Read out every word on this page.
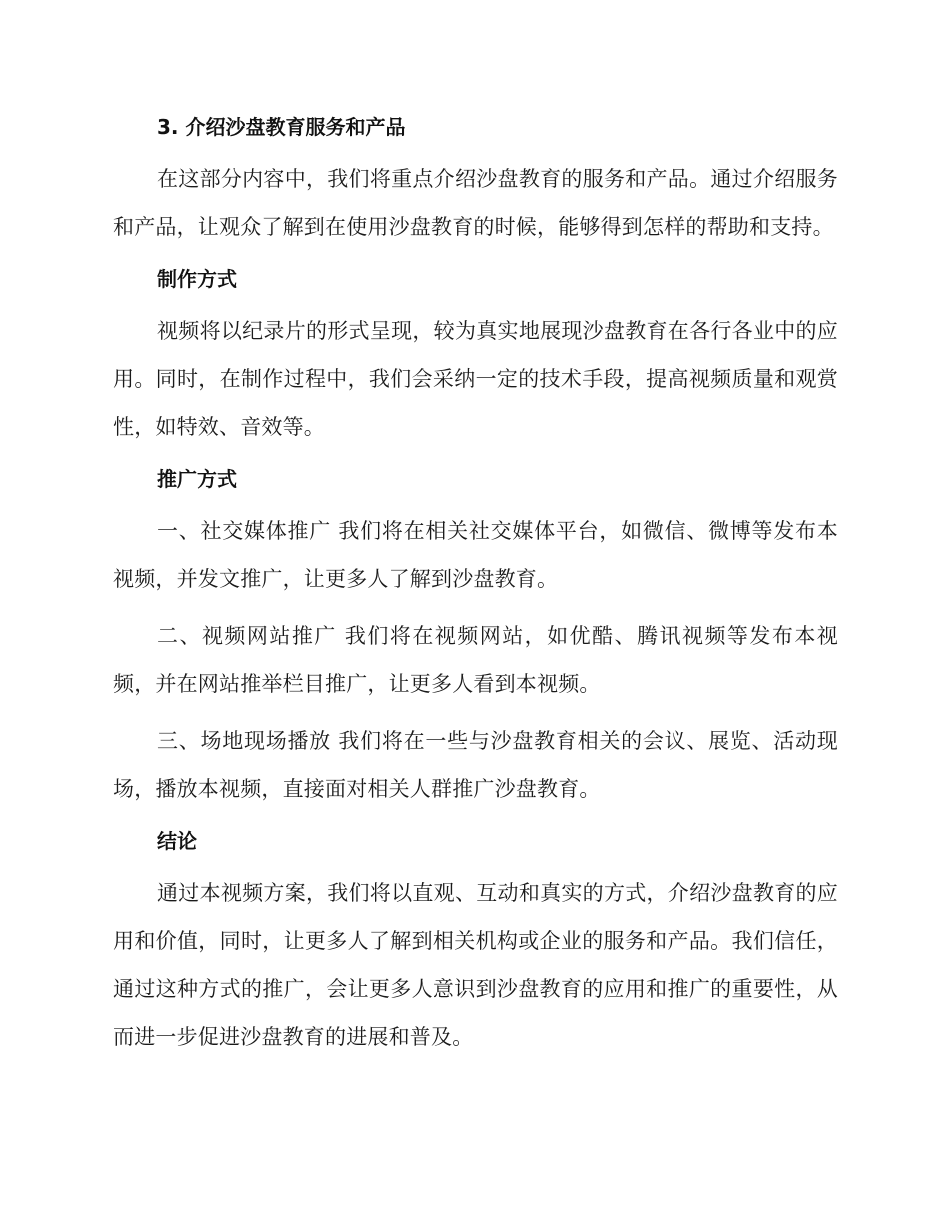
3. 介绍沙盘教育服务和产品

在这部分内容中，我们将重点介绍沙盘教育的服务和产品。通过介绍服务和产品，让观众了解到在使用沙盘教育的时候，能够得到怎样的帮助和支持。

制作方式

视频将以纪录片的形式呈现，较为真实地展现沙盘教育在各行各业中的应用。同时，在制作过程中，我们会采纳一定的技术手段，提高视频质量和观赏性，如特效、音效等。

推广方式

一、社交媒体推广 我们将在相关社交媒体平台，如微信、微博等发布本视频，并发文推广，让更多人了解到沙盘教育。

二、视频网站推广 我们将在视频网站，如优酷、腾讯视频等发布本视频，并在网站推举栏目推广，让更多人看到本视频。

三、场地现场播放 我们将在一些与沙盘教育相关的会议、展览、活动现场，播放本视频，直接面对相关人群推广沙盘教育。

结论

通过本视频方案，我们将以直观、互动和真实的方式，介绍沙盘教育的应用和价值，同时，让更多人了解到相关机构或企业的服务和产品。我们信任，通过这种方式的推广，会让更多人意识到沙盘教育的应用和推广的重要性，从而进一步促进沙盘教育的进展和普及。
